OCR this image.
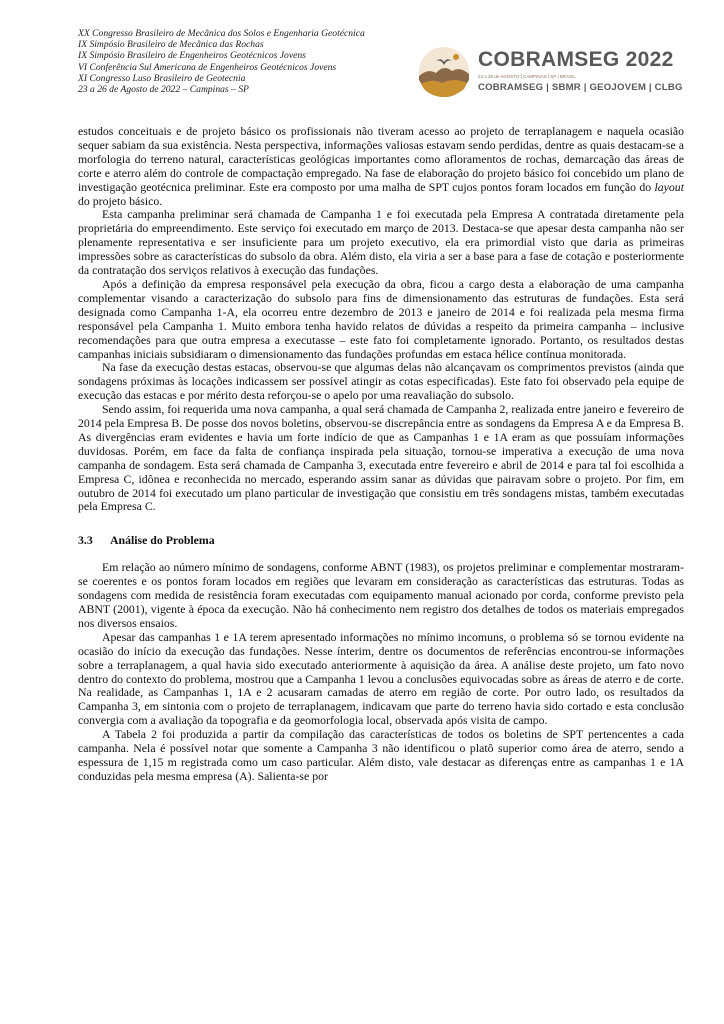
XX Congresso Brasileiro de Mecânica dos Solos e Engenharia Geotécnica
IX Simpósio Brasileiro de Mecânica das Rochas
IX Simpósio Brasileiro de Engenheiros Geotécnicos Jovens
VI Conferência Sul Americana de Engenheiros Geotécnicos Jovens
XI Congresso Luso Brasileiro de Geotecnia
23 a 26 de Agosto de 2022 – Campinas – SP
COBRAMSEG 2022
23 a 26 de AGOSTO | CAMPINAS | SP | BRASIL
COBRAMSEG | SBMR | GEOJOVEM | CLBG

estudos conceituais e de projeto básico os profissionais não tiveram acesso ao projeto de terraplanagem e naquela ocasião sequer sabiam da sua existência. Nesta perspectiva, informações valiosas estavam sendo perdidas, dentre as quais destacam-se a morfologia do terreno natural, características geológicas importantes como afloramentos de rochas, demarcação das áreas de corte e aterro além do controle de compactação empregado. Na fase de elaboração do projeto básico foi concebido um plano de investigação geotécnica preliminar. Este era composto por uma malha de SPT cujos pontos foram locados em função do layout do projeto básico.

Esta campanha preliminar será chamada de Campanha 1 e foi executada pela Empresa A contratada diretamente pela proprietária do empreendimento. Este serviço foi executado em março de 2013. Destaca-se que apesar desta campanha não ser plenamente representativa e ser insuficiente para um projeto executivo, ela era primordial visto que daria as primeiras impressões sobre as características do subsolo da obra. Além disto, ela viria a ser a base para a fase de cotação e posteriormente da contratação dos serviços relativos à execução das fundações.

Após a definição da empresa responsável pela execução da obra, ficou a cargo desta a elaboração de uma campanha complementar visando a caracterização do subsolo para fins de dimensionamento das estruturas de fundações. Esta será designada como Campanha 1-A, ela ocorreu entre dezembro de 2013 e janeiro de 2014 e foi realizada pela mesma firma responsável pela Campanha 1. Muito embora tenha havido relatos de dúvidas a respeito da primeira campanha – inclusive recomendações para que outra empresa a executasse – este fato foi completamente ignorado. Portanto, os resultados destas campanhas iniciais subsidiaram o dimensionamento das fundações profundas em estaca hélice contínua monitorada.

Na fase da execução destas estacas, observou-se que algumas delas não alcançavam os comprimentos previstos (ainda que sondagens próximas às locações indicassem ser possível atingir as cotas especificadas). Este fato foi observado pela equipe de execução das estacas e por mérito desta reforçou-se o apelo por uma reavaliação do subsolo.

Sendo assim, foi requerida uma nova campanha, a qual será chamada de Campanha 2, realizada entre janeiro e fevereiro de 2014 pela Empresa B. De posse dos novos boletins, observou-se discrepância entre as sondagens da Empresa A e da Empresa B. As divergências eram evidentes e havia um forte indício de que as Campanhas 1 e 1A eram as que possuíam informações duvidosas. Porém, em face da falta de confiança inspirada pela situação, tornou-se imperativa a execução de uma nova campanha de sondagem. Esta será chamada de Campanha 3, executada entre fevereiro e abril de 2014 e para tal foi escolhida a Empresa C, idônea e reconhecida no mercado, esperando assim sanar as dúvidas que pairavam sobre o projeto. Por fim, em outubro de 2014 foi executado um plano particular de investigação que consistiu em três sondagens mistas, também executadas pela Empresa C.

3.3	Análise do Problema

Em relação ao número mínimo de sondagens, conforme ABNT (1983), os projetos preliminar e complementar mostraram-se coerentes e os pontos foram locados em regiões que levaram em consideração as características das estruturas. Todas as sondagens com medida de resistência foram executadas com equipamento manual acionado por corda, conforme previsto pela ABNT (2001), vigente à época da execução. Não há conhecimento nem registro dos detalhes de todos os materiais empregados nos diversos ensaios.

Apesar das campanhas 1 e 1A terem apresentado informações no mínimo incomuns, o problema só se tornou evidente na ocasião do início da execução das fundações. Nesse ínterim, dentre os documentos de referências encontrou-se informações sobre a terraplanagem, a qual havia sido executado anteriormente à aquisição da área. A análise deste projeto, um fato novo dentro do contexto do problema, mostrou que a Campanha 1 levou a conclusões equivocadas sobre as áreas de aterro e de corte. Na realidade, as Campanhas 1, 1A e 2 acusaram camadas de aterro em região de corte. Por outro lado, os resultados da Campanha 3, em sintonia com o projeto de terraplanagem, indicavam que parte do terreno havia sido cortado e esta conclusão convergia com a avaliação da topografia e da geomorfologia local, observada após visita de campo.

A Tabela 2 foi produzida a partir da compilação das características de todos os boletins de SPT pertencentes a cada campanha. Nela é possível notar que somente a Campanha 3 não identificou o platô superior como área de aterro, sendo a espessura de 1,15 m registrada como um caso particular. Além disto, vale destacar as diferenças entre as campanhas 1 e 1A conduzidas pela mesma empresa (A). Salienta-se por
